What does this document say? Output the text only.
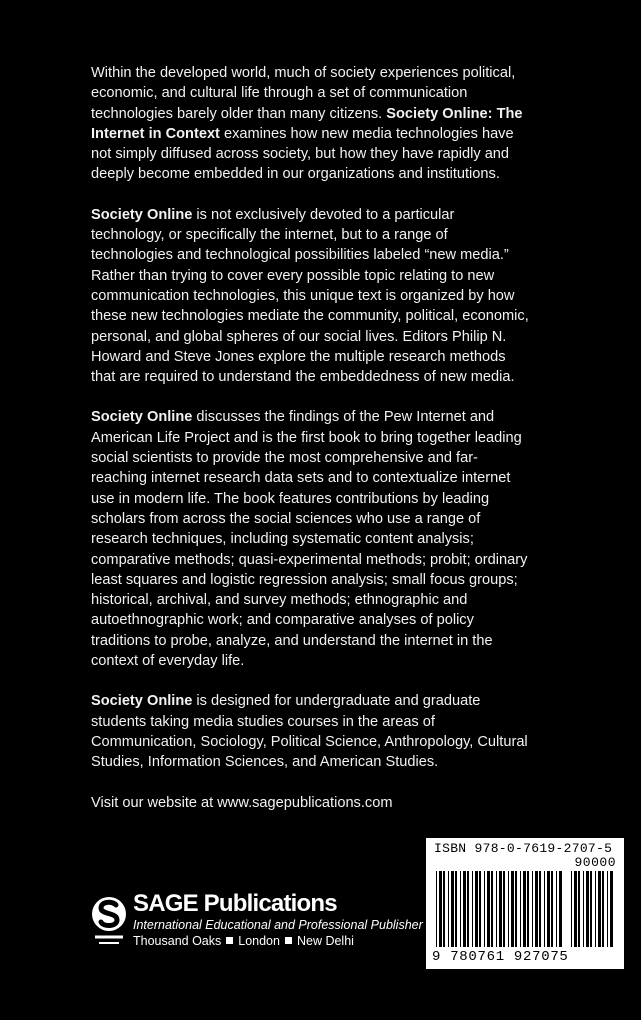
Within the developed world, much of society experiences political, economic, and cultural life through a set of communication technologies barely older than many citizens. Society Online: The Internet in Context examines how new media technologies have not simply diffused across society, but how they have rapidly and deeply become embedded in our organizations and institutions.

Society Online is not exclusively devoted to a particular technology, or specifically the internet, but to a range of technologies and technological possibilities labeled “new media.” Rather than trying to cover every possible topic relating to new communication technologies, this unique text is organized by how these new technologies mediate the community, political, economic, personal, and global spheres of our social lives. Editors Philip N. Howard and Steve Jones explore the multiple research methods that are required to understand the embeddedness of new media.

Society Online discusses the findings of the Pew Internet and American Life Project and is the first book to bring together leading social scientists to provide the most comprehensive and far-reaching internet research data sets and to contextualize internet use in modern life. The book features contributions by leading scholars from across the social sciences who use a range of research techniques, including systematic content analysis; comparative methods; quasi-experimental methods; probit; ordinary least squares and logistic regression analysis; small focus groups; historical, archival, and survey methods; ethnographic and autoethnographic work; and comparative analyses of policy traditions to probe, analyze, and understand the internet in the context of everyday life.

Society Online is designed for undergraduate and graduate students taking media studies courses in the areas of Communication, Sociology, Political Science, Anthropology, Cultural Studies, Information Sciences, and American Studies.

Visit our website at www.sagepublications.com

SAGE Publications
International Educational and Professional Publisher
Thousand Oaks London New Delhi
ISBN 978-0-7619-2707-5
90000
9 780761 927075
